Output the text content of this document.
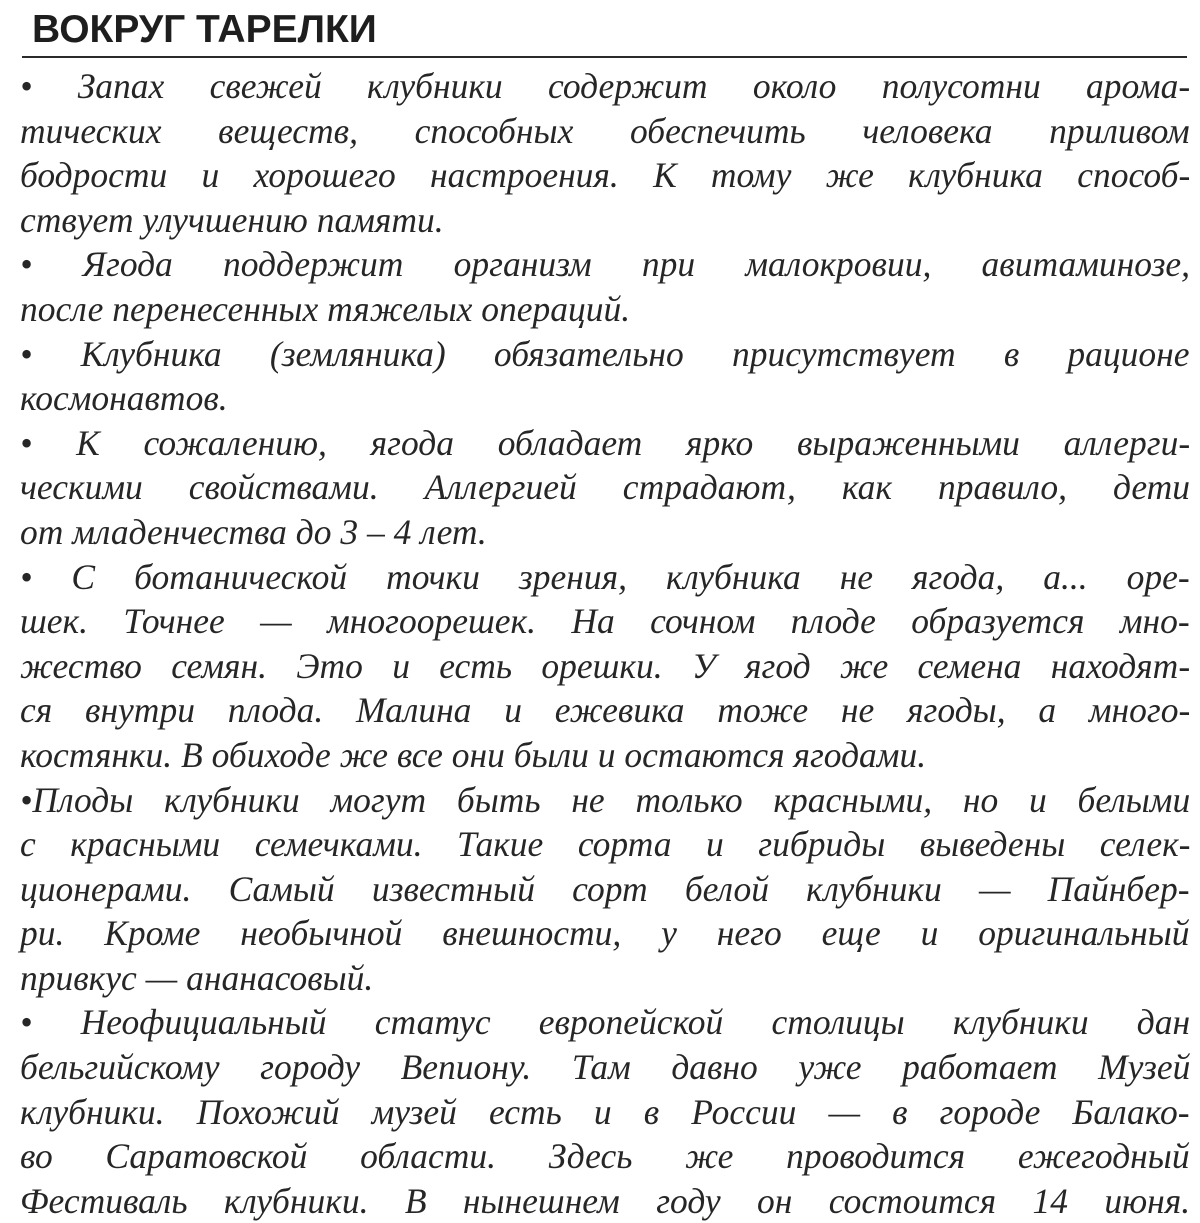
ВОКРУГ ТАРЕЛКИ
• Запах свежей клубники содержит около полусотни арома-
тических веществ, способных обеспечить человека приливом
бодрости и хорошего настроения. К тому же клубника способ-
ствует улучшению памяти.
• Ягода поддержит организм при малокровии, авитаминозе,
после перенесенных тяжелых операций.
• Клубника (земляника) обязательно присутствует в рационе
космонавтов.
• К сожалению, ягода обладает ярко выраженными аллерги-
ческими свойствами. Аллергией страдают, как правило, дети
от младенчества до 3 – 4 лет.
• С ботанической точки зрения, клубника не ягода, а... оре-
шек. Точнее — многоорешек. На сочном плоде образуется мно-
жество семян. Это и есть орешки. У ягод же семена находят-
ся внутри плода. Малина и ежевика тоже не ягоды, а много-
костянки. В обиходе же все они были и остаются ягодами.
•Плоды клубники могут быть не только красными, но и белыми
с красными семечками. Такие сорта и гибриды выведены селек-
ционерами. Самый известный сорт белой клубники — Пайнбер-
ри. Кроме необычной внешности, у него еще и оригинальный
привкус — ананасовый.
• Неофициальный статус европейской столицы клубники дан
бельгийскому городу Вепиону. Там давно уже работает Музей
клубники. Похожий музей есть и в России — в городе Балако-
во Саратовской области. Здесь же проводится ежегодный
Фестиваль клубники. В нынешнем году он состоится 14 июня.
